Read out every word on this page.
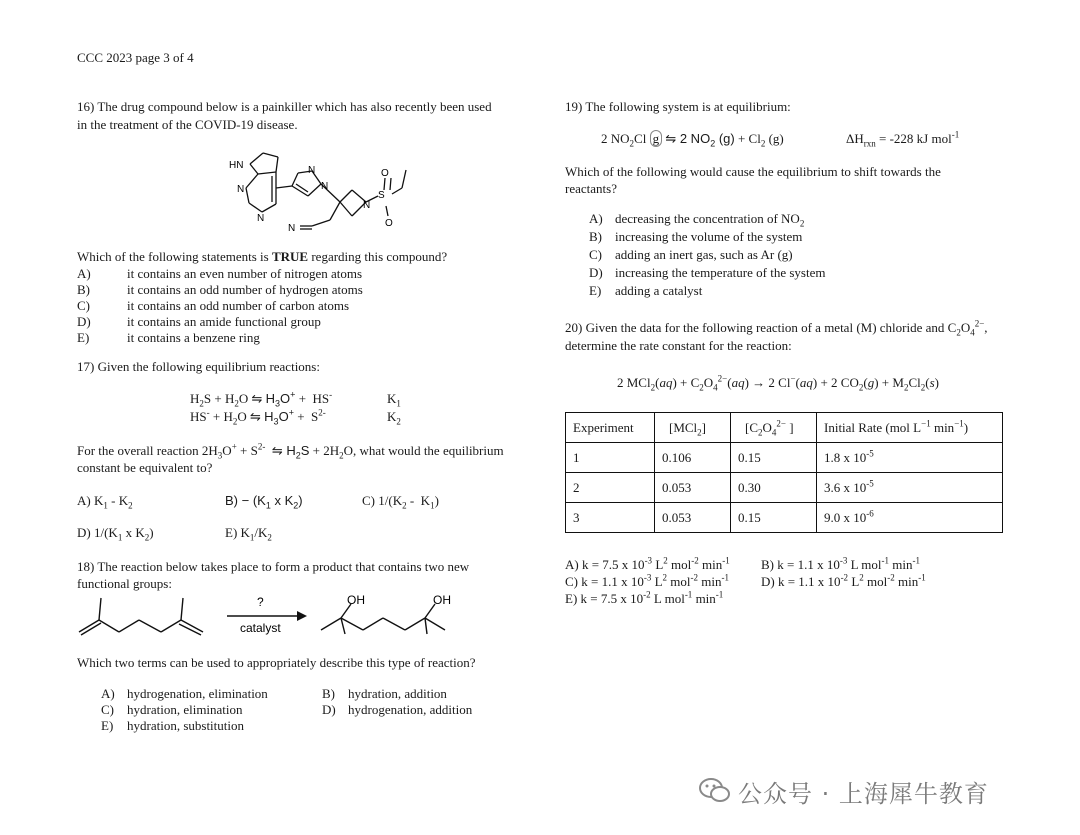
CCC 2023 page 3 of 4
16) The drug compound below is a painkiller which has also recently been used
in the treatment of the COVID-19 disease.
HN
N
N
N
N
N
N
S
O
O
Which of the following statements is TRUE regarding this compound?
A)	it contains an even number of nitrogen atoms
B)	it contains an odd number of hydrogen atoms
C)	it contains an odd number of carbon atoms
D)	it contains an amide functional group
E)	it contains a benzene ring
17) Given the following equilibrium reactions:
$H_2S + H_2O$ ⇋ $H_3O^+ + HS^-$	$K_1$
$HS^- + H_2O$ ⇋ $H_3O^+ + S^{2-}$	$K_2$
For the overall reaction $2H_3O^+ + S^{2-}$ ⇋ $H_2S + 2H_2O$, what would the equilibrium
constant be equivalent to?
A) $K_1 - K_2$	$B) - (K_1$ x $K_2$)	C) $1/(K_2 - K_1)$
D) $1/(K_1$ x $K_2$)	E) $K_1/K_2$
18) The reaction below takes place to form a product that contains two new
functional groups:
?
catalyst
OH	OH
Which two terms can be used to appropriately describe this type of reaction?
A) hydrogenation, elimination	B) hydration, addition
C) hydration, elimination	D) hydrogenation, addition
E) hydration, substitution
19) The following system is at equilibrium:
2 $NO_2Cl$ g ⇋ 2 $NO_2$ $(g) + Cl_2$ (g)	$\Delta H_{rxn} = -228$ kJ mol$^{-1}$
Which of the following would cause the equilibrium to shift towards the
reactants?
A) decreasing the concentration of $NO_2$
B) increasing the volume of the system
C) adding an inert gas, such as Ar (g)
D) increasing the temperature of the system
E) adding a catalyst
20) Given the data for the following reaction of a metal (M) chloride and $C_2O_4^{2-}$,
determine the rate constant for the reaction:
2 $MCl_2(aq) + C_2O_4^{2-}(aq) \to 2$ Cl−(aq) + 2 $CO_2(g) + M_2Cl_2(s)$
Experiment	[MCl$_2$]	[$C_2O_4^{2-}$ ]	Initial Rate (mol $L^{-1}$ $\min^{-1}$)
1	0.106	0.15	1.8 x $10^{-5}$
2	0.053	0.30	3.6 x $10^{-5}$
3	0.053	0.15	9.0 x $10^{-6}$
A) k = 7.5 x $10^{-3}$ $L^2$ mol$^{-2}$ $\min^{-1} B$) k = 1.1 x $10^{-3}$ L mol$^{-1}$ $\min^{-1}$
C) k = 1.1 x $10^{-3}$ $L^2$ mol$^{-2}$ $\min^{-1} D$) k = 1.1 x $10^{-2}$ $L^2$ mol$^{-2}$ $\min^{-1}$
E) k = 7.5 x $10^{-2}$ L mol$^{-1}$ $\min^{-1}$
公众号 · 上海犀牛教育
